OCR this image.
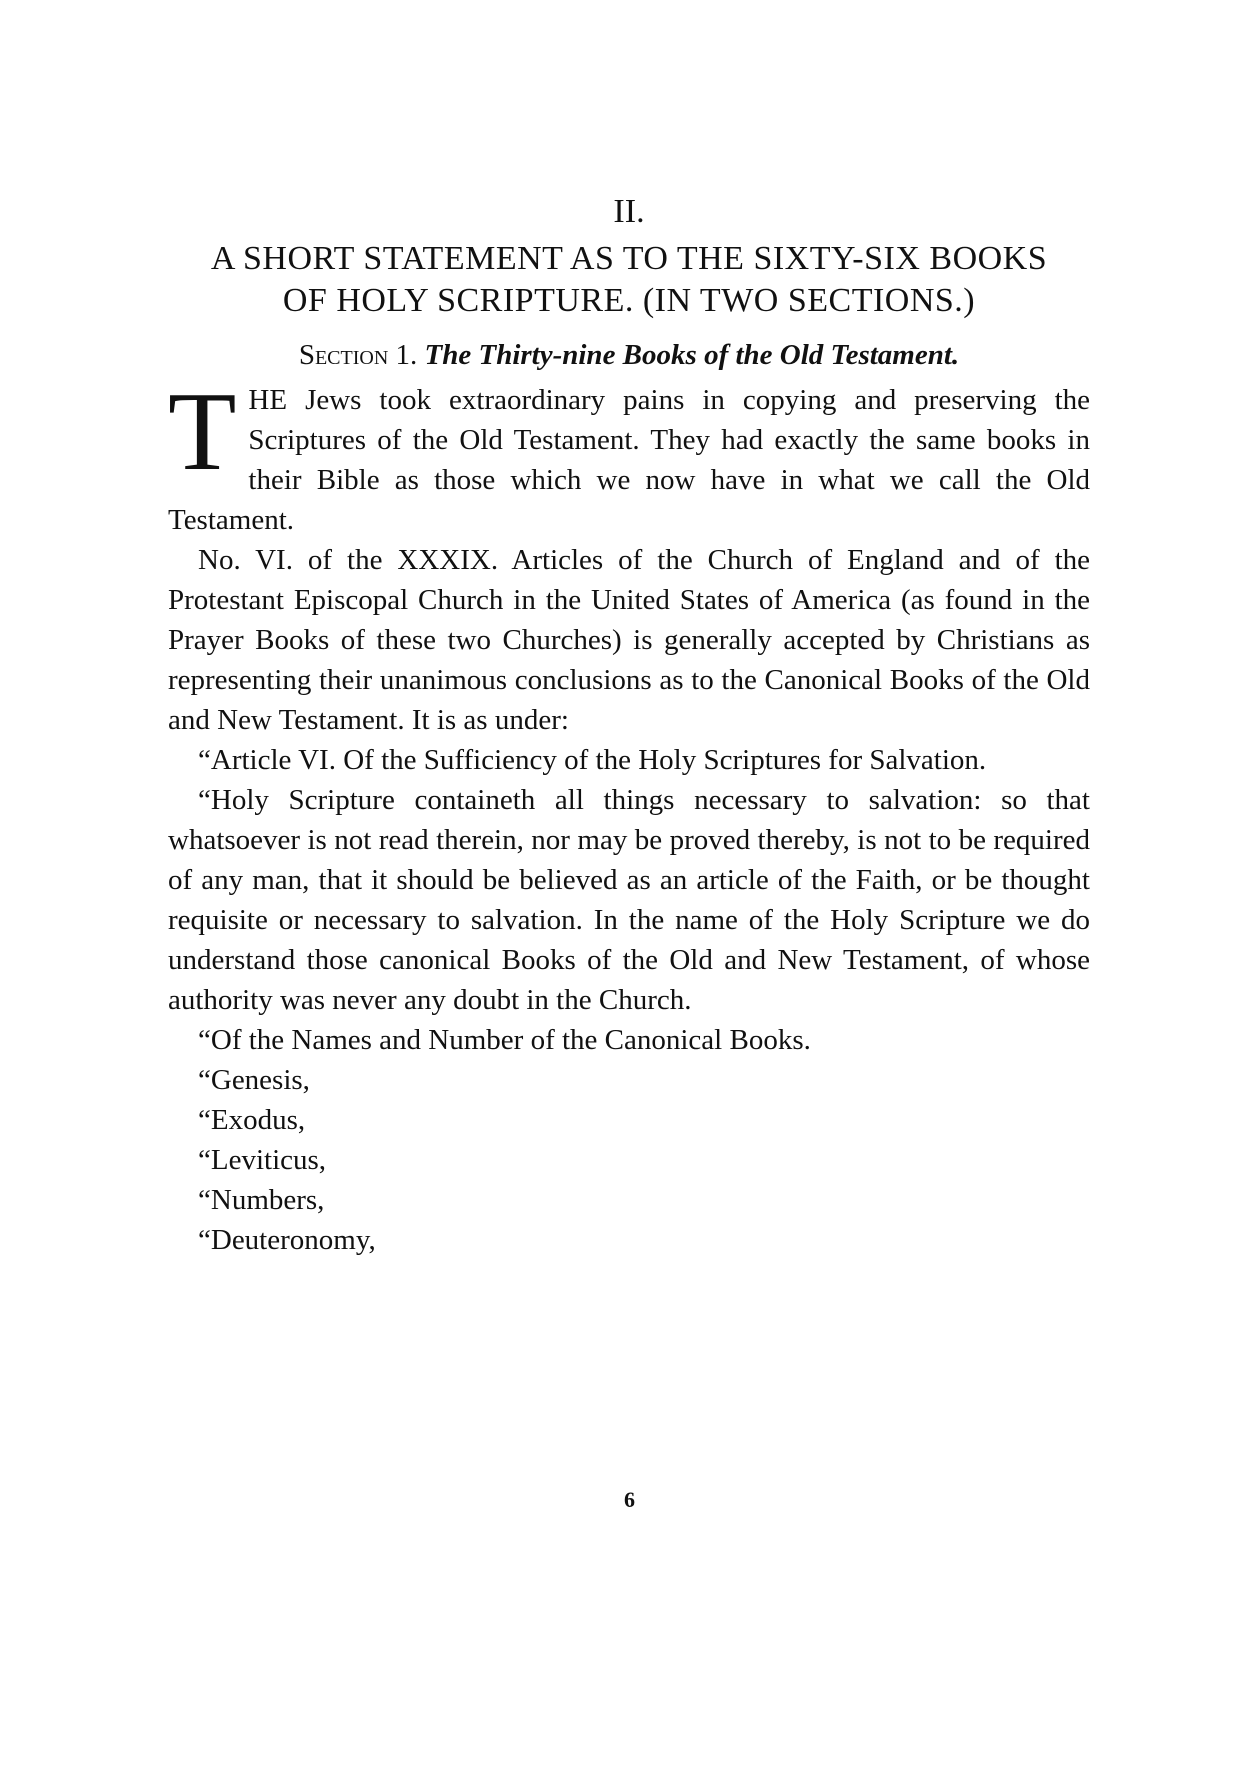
II.
A SHORT STATEMENT AS TO THE SIXTY-SIX BOOKS OF HOLY SCRIPTURE. (IN TWO SECTIONS.)
Section 1. The Thirty-nine Books of the Old Testament.

THE Jews took extraordinary pains in copying and preserving the Scriptures of the Old Testament. They had exactly the same books in their Bible as those which we now have in what we call the Old Testament.

No. VI. of the XXXIX. Articles of the Church of England and of the Protestant Episcopal Church in the United States of America (as found in the Prayer Books of these two Churches) is generally accepted by Christians as representing their unanimous conclusions as to the Canonical Books of the Old and New Testament. It is as under:

“Article VI. Of the Sufficiency of the Holy Scriptures for Salvation.

“Holy Scripture containeth all things necessary to salvation: so that whatsoever is not read therein, nor may be proved thereby, is not to be required of any man, that it should be believed as an article of the Faith, or be thought requisite or necessary to salvation. In the name of the Holy Scripture we do understand those canonical Books of the Old and New Testament, of whose authority was never any doubt in the Church.

“Of the Names and Number of the Canonical Books.

“Genesis,
“Exodus,
“Leviticus,
“Numbers,
“Deuteronomy,
6
